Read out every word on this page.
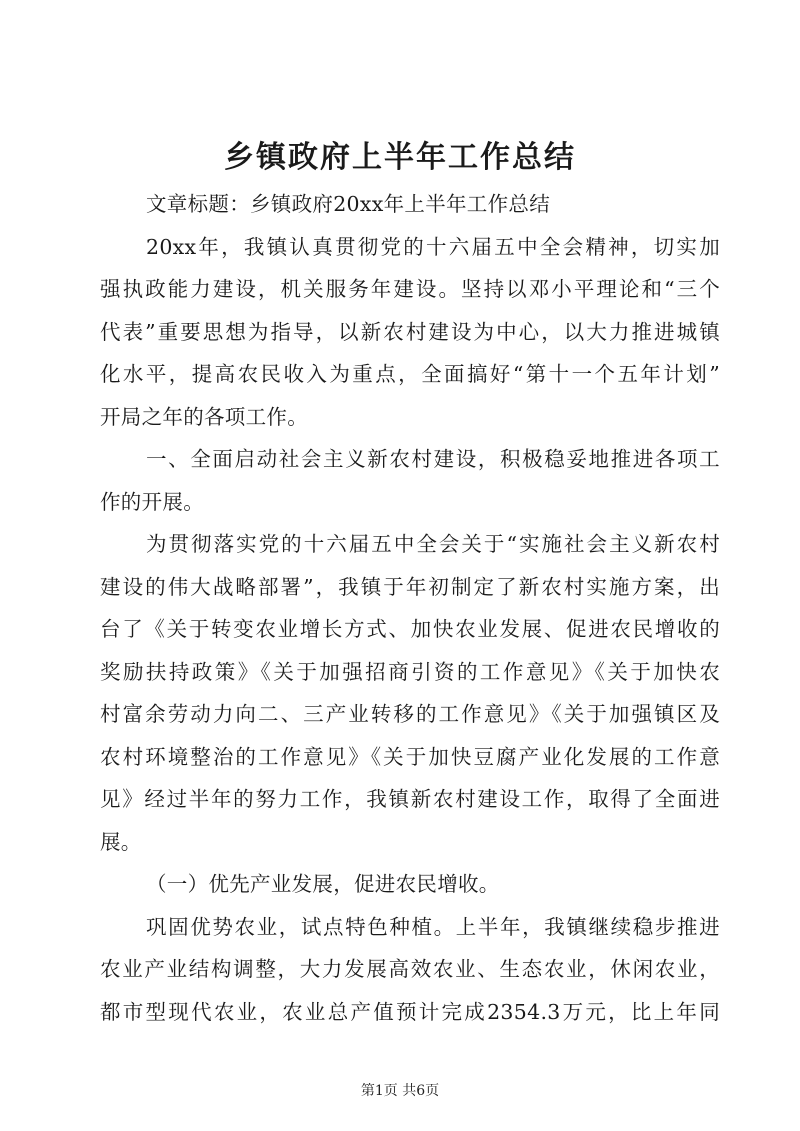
乡镇政府上半年工作总结
文章标题：乡镇政府20xx年上半年工作总结
20xx年，我镇认真贯彻党的十六届五中全会精神，切实加
强执政能力建设，机关服务年建设。坚持以邓小平理论和“三个
代表”重要思想为指导，以新农村建设为中心，以大力推进城镇
化水平，提高农民收入为重点，全面搞好“第十一个五年计划”
开局之年的各项工作。
一、全面启动社会主义新农村建设，积极稳妥地推进各项工
作的开展。
为贯彻落实党的十六届五中全会关于“实施社会主义新农村
建设的伟大战略部署”，我镇于年初制定了新农村实施方案，出
台了《关于转变农业增长方式、加快农业发展、促进农民增收的
奖励扶持政策》《关于加强招商引资的工作意见》《关于加快农
村富余劳动力向二、三产业转移的工作意见》《关于加强镇区及
农村环境整治的工作意见》《关于加快豆腐产业化发展的工作意
见》经过半年的努力工作，我镇新农村建设工作，取得了全面进
展。
（一）优先产业发展，促进农民增收。
巩固优势农业，试点特色种植。上半年，我镇继续稳步推进
农业产业结构调整，大力发展高效农业、生态农业，休闲农业，
都市型现代农业，农业总产值预计完成2354.3万元，比上年同
第1页 共6页
